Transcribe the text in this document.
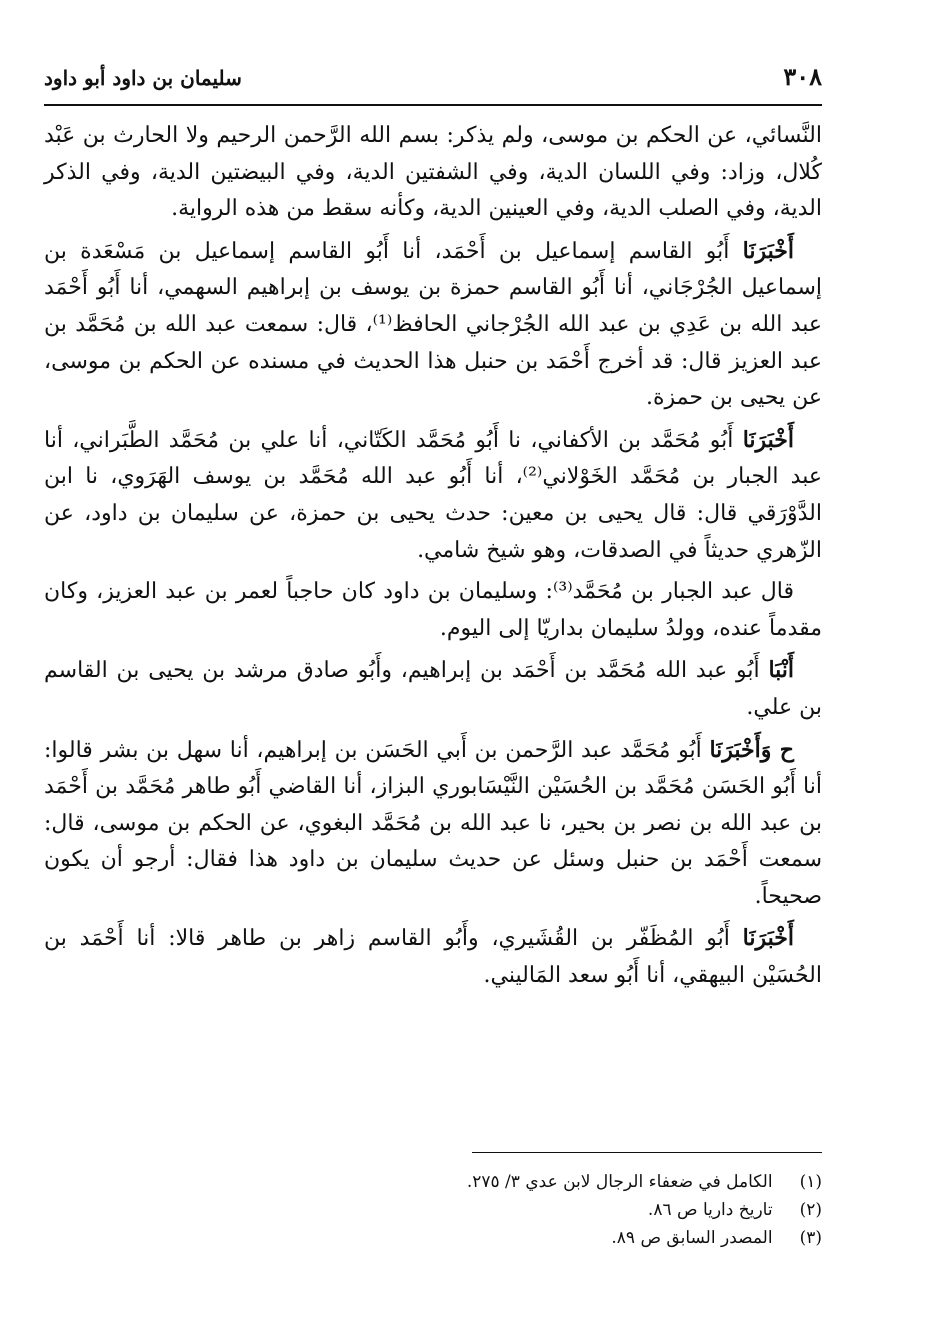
٣٠٨
سليمان بن داود أبو داود

النَّسائي، عن الحكم بن موسى، ولم يذكر: بسم الله الرَّحمن الرحيم ولا الحارث بن عَبْد كُلال، وزاد: وفي اللسان الدية، وفي الشفتين الدية، وفي البيضتين الدية، وفي الذكر الدية، وفي الصلب الدية، وفي العينين الدية، وكأنه سقط من هذه الرواية.

أَخْبَرَنَا أَبُو القاسم إسماعيل بن أَحْمَد، أنا أَبُو القاسم إسماعيل بن مَسْعَدة بن إسماعيل الجُرْجَاني، أنا أَبُو القاسم حمزة بن يوسف بن إبراهيم السهمي، أنا أَبُو أَحْمَد عبد الله بن عَدِي بن عبد الله الجُرْجاني الحافظ⁽¹⁾، قال: سمعت عبد الله بن مُحَمَّد بن عبد العزيز قال: قد أخرج أَحْمَد بن حنبل هذا الحديث في مسنده عن الحكم بن موسى، عن يحيى بن حمزة.

أَخْبَرَنَا أَبُو مُحَمَّد بن الأكفاني، نا أَبُو مُحَمَّد الكَتّاني، أنا علي بن مُحَمَّد الطَّبَراني، أنا عبد الجبار بن مُحَمَّد الخَوْلاني⁽²⁾، أنا أَبُو عبد الله مُحَمَّد بن يوسف الهَرَوي، نا ابن الدَّوْرَقي قال: قال يحيى بن معين: حدث يحيى بن حمزة، عن سليمان بن داود، عن الزّهري حديثاً في الصدقات، وهو شيخ شامي.

قال عبد الجبار بن مُحَمَّد⁽³⁾: وسليمان بن داود كان حاجباً لعمر بن عبد العزيز، وكان مقدماً عنده، وولدُ سليمان بداريّا إلى اليوم.

أَنْبَا أَبُو عبد الله مُحَمَّد بن أَحْمَد بن إبراهيم، وأَبُو صادق مرشد بن يحيى بن القاسم بن علي.

ح وَأَخْبَرَنَا أَبُو مُحَمَّد عبد الرَّحمن بن أَبي الحَسَن بن إبراهيم، أنا سهل بن بشر قالوا: أنا أَبُو الحَسَن مُحَمَّد بن الحُسَيْن النَّيْسَابوري البزاز، أنا القاضي أَبُو طاهر مُحَمَّد بن أَحْمَد بن عبد الله بن نصر بن بحير، نا عبد الله بن مُحَمَّد البغوي، عن الحكم بن موسى، قال: سمعت أَحْمَد بن حنبل وسئل عن حديث سليمان بن داود هذا فقال: أرجو أن يكون صحيحاً.

أَخْبَرَنَا أَبُو المُظَفّر بن القُشَيري، وأَبُو القاسم زاهر بن طاهر قالا: أنا أَحْمَد بن الحُسَيْن البيهقي، أنا أَبُو سعد المَاليني.

(١) الكامل في ضعفاء الرجال لابن عدي ٣/ ٢٧٥.
(٢) تاريخ داريا ص ٨٦.
(٣) المصدر السابق ص ٨٩.
